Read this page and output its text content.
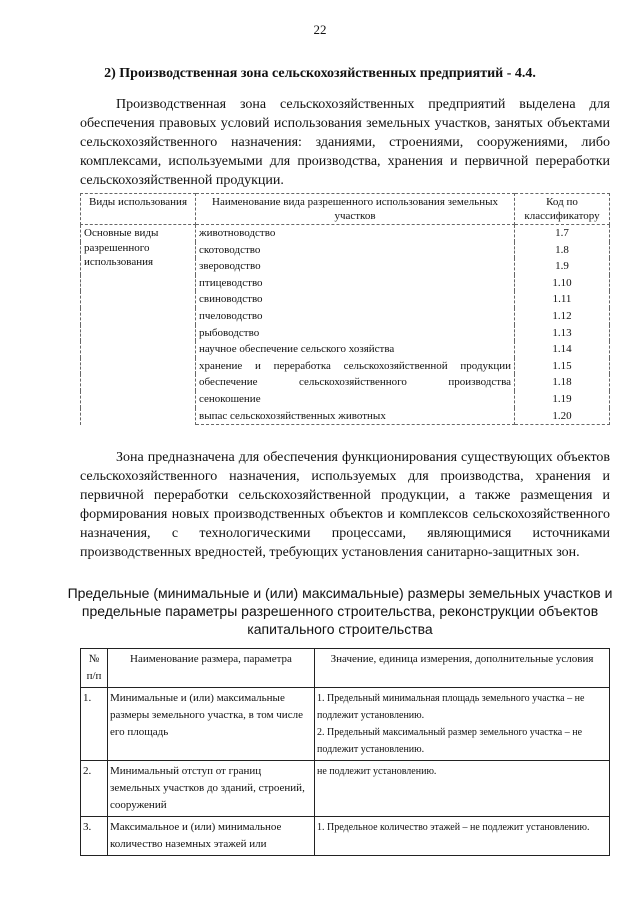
22
2) Производственная зона сельскохозяйственных предприятий - 4.4.
Производственная зона сельскохозяйственных предприятий выделена для обеспечения правовых условий использования земельных участков, занятых объектами сельскохозяйственного назначения: зданиями, строениями, сооружениями, либо комплексами, используемыми для производства, хранения и первичной переработки сельскохозяйственной продукции.
Виды использования	Наименование вида разрешенного использования земельных участков	Код по классификатору
Основные виды разрешенного использования	животноводство	1.7
	скотоводство	1.8
	звероводство	1.9
	птицеводство	1.10
	свиноводство	1.11
	пчеловодство	1.12
	рыбоводство	1.13
	научное обеспечение сельского хозяйства	1.14
	хранение и переработка сельскохозяйственной продукции	1.15
	обеспечение сельскохозяйственного производства	1.18
	сенокошение	1.19
	выпас сельскохозяйственных животных	1.20
Зона предназначена для обеспечения функционирования существующих объектов сельскохозяйственного назначения, используемых для производства, хранения и первичной переработки сельскохозяйственной продукции, а также размещения и формирования новых производственных объектов и комплексов сельскохозяйственного назначения, с технологическими процессами, являющимися источниками производственных вредностей, требующих установления санитарно-защитных зон.
Предельные (минимальные и (или) максимальные) размеры земельных участков и предельные параметры разрешенного строительства, реконструкции объектов капитального строительства
№ п/п	Наименование размера, параметра	Значение, единица измерения, дополнительные условия
1.	Минимальные и (или) максимальные размеры земельного участка, в том числе его площадь	1. Предельный минимальная площадь земельного участка – не подлежит установлению.
2. Предельный максимальный размер земельного участка – не подлежит установлению.

2.	Минимальный отступ от границ земельных участков до зданий, строений, сооружений	не подлежит установлению.

3.	Максимальное и (или) минимальное количество наземных этажей или	1. Предельное количество этажей – не подлежит установлению.
